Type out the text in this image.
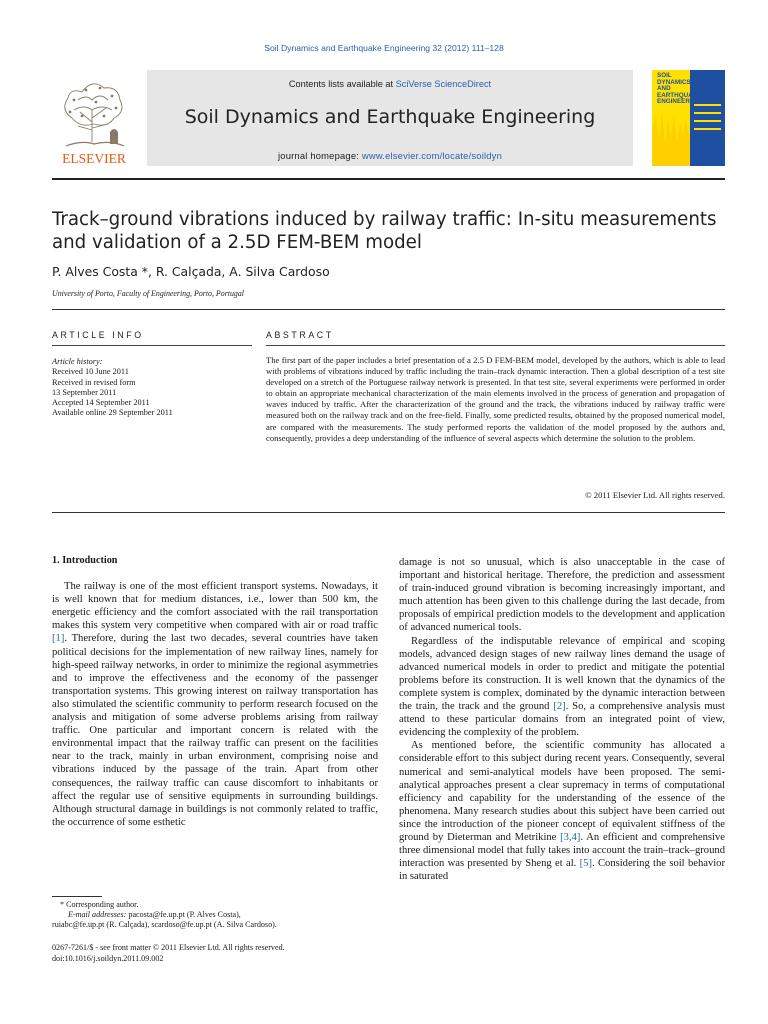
Soil Dynamics and Earthquake Engineering 32 (2012) 111–128
ELSEVIER
Contents lists available at SciVerse ScienceDirect
Soil Dynamics and Earthquake Engineering
journal homepage: www.elsevier.com/locate/soildyn
SOIL
DYNAMICS
AND
EARTHQUAKE
ENGINEERING
Track–ground vibrations induced by railway traffic: In-situ measurements
and validation of a 2.5D FEM-BEM model
P. Alves Costa *, R. Calçada, A. Silva Cardoso
University of Porto, Faculty of Engineering, Porto, Portugal
ARTICLE INFO
Article history:
Received 10 June 2011
Received in revised form
13 September 2011
Accepted 14 September 2011
Available online 29 September 2011
ABSTRACT
The first part of the paper includes a brief presentation of a 2.5 D FEM-BEM model, developed by the authors, which is able to lead with problems of vibrations induced by traffic including the train–track dynamic interaction. Then a global description of a test site developed on a stretch of the Portuguese railway network is presented. In that test site, several experiments were performed in order to obtain an appropriate mechanical characterization of the main elements involved in the process of generation and propagation of waves induced by traffic. After the characterization of the ground and the track, the vibrations induced by railway traffic were measured both on the railway track and on the free-field. Finally, some predicted results, obtained by the proposed numerical model, are compared with the measurements. The study performed reports the validation of the model proposed by the authors and, consequently, provides a deep understanding of the influence of several aspects which determine the solution to the problem.
© 2011 Elsevier Ltd. All rights reserved.
1. Introduction

The railway is one of the most efficient transport systems. Nowadays, it is well known that for medium distances, i.e., lower than 500 km, the energetic efficiency and the comfort associated with the rail transportation makes this system very competitive when compared with air or road traffic [1]. Therefore, during the last two decades, several countries have taken political decisions for the implementation of new railway lines, namely for high-speed railway networks, in order to minimize the regional asymmetries and to improve the effectiveness and the economy of the passenger transportation systems. This growing interest on railway transportation has also stimulated the scientific community to perform research focused on the analysis and mitigation of some adverse problems arising from railway traffic. One particular and important concern is related with the environmental impact that the railway traffic can present on the facilities near to the track, mainly in urban environment, comprising noise and vibrations induced by the passage of the train. Apart from other consequences, the railway traffic can cause discomfort to inhabitants or affect the regular use of sensitive equipments in surrounding buildings. Although structural damage in buildings is not commonly related to traffic, the occurrence of some esthetic

* Corresponding author.
E-mail addresses: pacosta@fe.up.pt (P. Alves Costa),
ruiabc@fe.up.pt (R. Calçada), scardoso@fe.up.pt (A. Silva Cardoso).
0267-7261/$ - see front matter © 2011 Elsevier Ltd. All rights reserved.
doi:10.1016/j.soildyn.2011.09.002

damage is not so unusual, which is also unacceptable in the case of important and historical heritage. Therefore, the prediction and assessment of train-induced ground vibration is becoming increasingly important, and much attention has been given to this challenge during the last decade, from proposals of empirical prediction models to the development and application of advanced numerical tools.

Regardless of the indisputable relevance of empirical and scoping models, advanced design stages of new railway lines demand the usage of advanced numerical models in order to predict and mitigate the potential problems before its construction. It is well known that the dynamics of the complete system is complex, dominated by the dynamic interaction between the train, the track and the ground [2]. So, a comprehensive analysis must attend to these particular domains from an integrated point of view, evidencing the complexity of the problem.

As mentioned before, the scientific community has allocated a considerable effort to this subject during recent years. Consequently, several numerical and semi-analytical models have been proposed. The semi-analytical approaches present a clear supremacy in terms of computational efficiency and capability for the understanding of the essence of the phenomena. Many research studies about this subject have been carried out since the introduction of the pioneer concept of equivalent stiffness of the ground by Dieterman and Metrikine [3,4]. An efficient and comprehensive three dimensional model that fully takes into account the train–track–ground interaction was presented by Sheng et al. [5]. Considering the soil behavior in saturated
